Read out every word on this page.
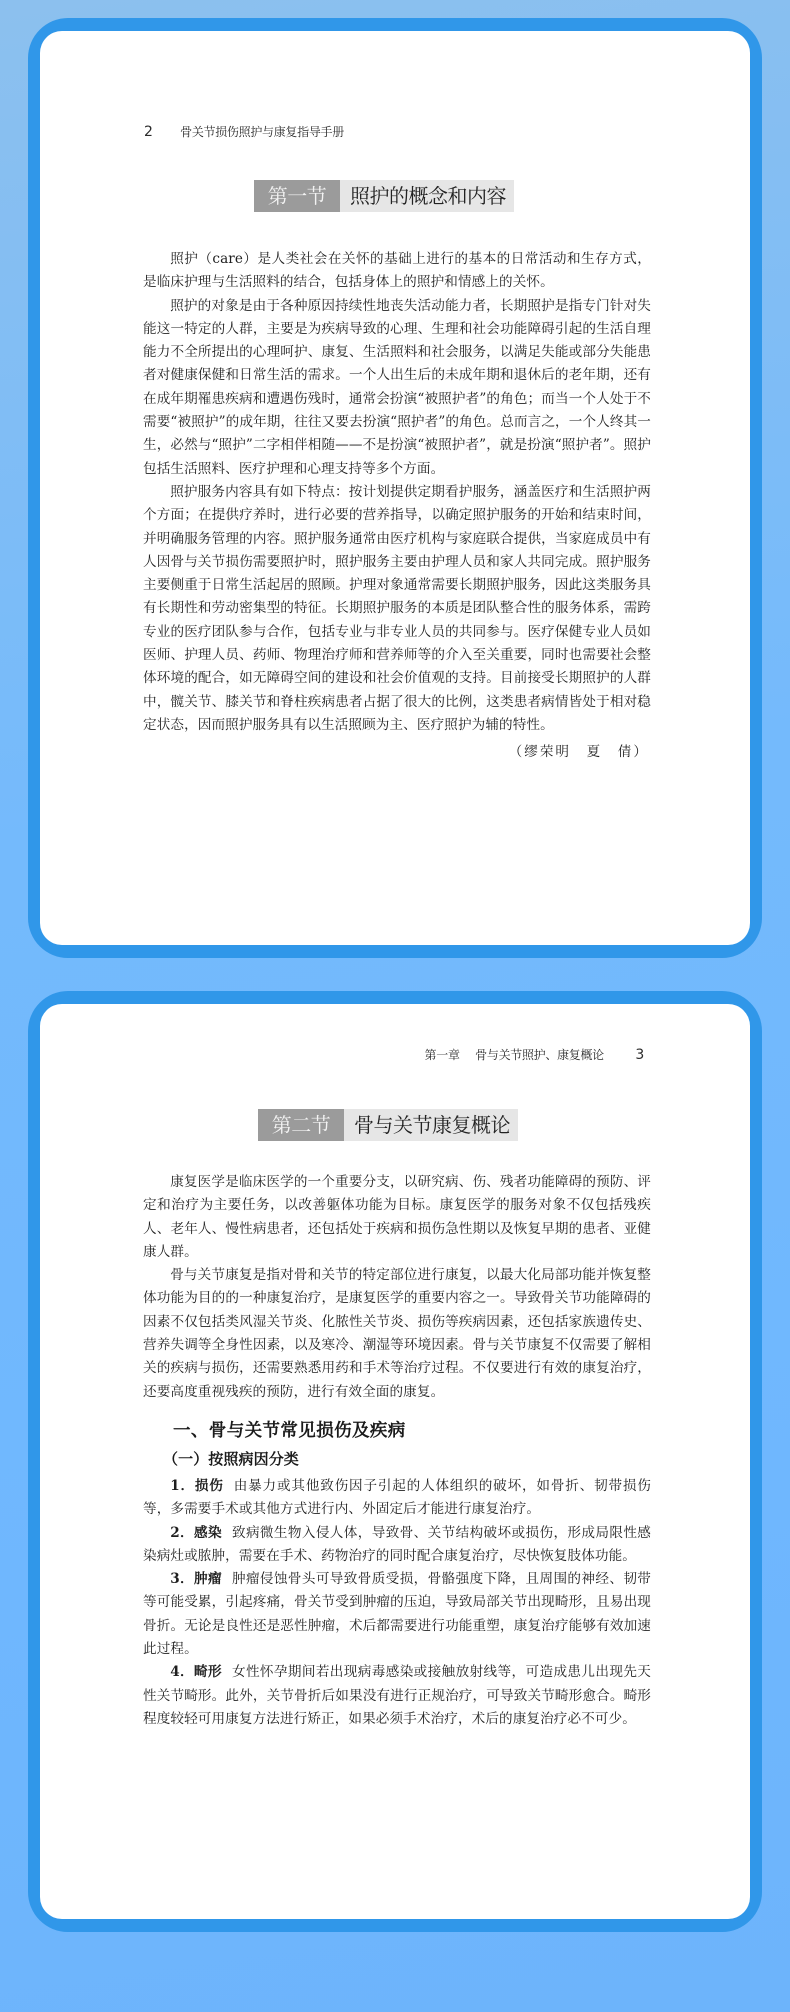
2 骨关节损伤照护与康复指导手册
第一节	照护的概念和内容

照护（care）是人类社会在关怀的基础上进行的基本的日常活动和生存方式，是临床护理与生活照料的结合，包括身体上的照护和情感上的关怀。

照护的对象是由于各种原因持续性地丧失活动能力者，长期照护是指专门针对失能这一特定的人群，主要是为疾病导致的心理、生理和社会功能障碍引起的生活自理能力不全所提出的心理呵护、康复、生活照料和社会服务，以满足失能或部分失能患者对健康保健和日常生活的需求。一个人出生后的未成年期和退休后的老年期，还有在成年期罹患疾病和遭遇伤残时，通常会扮演“被照护者”的角色；而当一个人处于不需要“被照护”的成年期，往往又要去扮演“照护者”的角色。总而言之，一个人终其一生，必然与“照护”二字相伴相随——不是扮演“被照护者”，就是扮演“照护者”。照护包括生活照料、医疗护理和心理支持等多个方面。

照护服务内容具有如下特点：按计划提供定期看护服务，涵盖医疗和生活照护两个方面；在提供疗养时，进行必要的营养指导，以确定照护服务的开始和结束时间，并明确服务管理的内容。照护服务通常由医疗机构与家庭联合提供，当家庭成员中有人因骨与关节损伤需要照护时，照护服务主要由护理人员和家人共同完成。照护服务主要侧重于日常生活起居的照顾。护理对象通常需要长期照护服务，因此这类服务具有长期性和劳动密集型的特征。长期照护服务的本质是团队整合性的服务体系，需跨专业的医疗团队参与合作，包括专业与非专业人员的共同参与。医疗保健专业人员如医师、护理人员、药师、物理治疗师和营养师等的介入至关重要，同时也需要社会整体环境的配合，如无障碍空间的建设和社会价值观的支持。目前接受长期照护的人群中，髋关节、膝关节和脊柱疾病患者占据了很大的比例，这类患者病情皆处于相对稳定状态，因而照护服务具有以生活照顾为主、医疗照护为辅的特性。

（缪荣明　夏　倩）

第一章 骨与关节照护、康复概论 3
第二节	骨与关节康复概论

康复医学是临床医学的一个重要分支，以研究病、伤、残者功能障碍的预防、评定和治疗为主要任务，以改善躯体功能为目标。康复医学的服务对象不仅包括残疾人、老年人、慢性病患者，还包括处于疾病和损伤急性期以及恢复早期的患者、亚健康人群。

骨与关节康复是指对骨和关节的特定部位进行康复，以最大化局部功能并恢复整体功能为目的的一种康复治疗，是康复医学的重要内容之一。导致骨关节功能障碍的因素不仅包括类风湿关节炎、化脓性关节炎、损伤等疾病因素，还包括家族遗传史、营养失调等全身性因素，以及寒冷、潮湿等环境因素。骨与关节康复不仅需要了解相关的疾病与损伤，还需要熟悉用药和手术等治疗过程。不仅要进行有效的康复治疗，还要高度重视残疾的预防，进行有效全面的康复。

一、骨与关节常见损伤及疾病
（一）按照病因分类

1．损伤 由暴力或其他致伤因子引起的人体组织的破坏，如骨折、韧带损伤等，多需要手术或其他方式进行内、外固定后才能进行康复治疗。

2．感染 致病微生物入侵人体，导致骨、关节结构破坏或损伤，形成局限性感染病灶或脓肿，需要在手术、药物治疗的同时配合康复治疗，尽快恢复肢体功能。

3．肿瘤 肿瘤侵蚀骨头可导致骨质受损，骨骼强度下降，且周围的神经、韧带等可能受累，引起疼痛，骨关节受到肿瘤的压迫，导致局部关节出现畸形，且易出现骨折。无论是良性还是恶性肿瘤，术后都需要进行功能重塑，康复治疗能够有效加速此过程。

4．畸形 女性怀孕期间若出现病毒感染或接触放射线等，可造成患儿出现先天性关节畸形。此外，关节骨折后如果没有进行正规治疗，可导致关节畸形愈合。畸形程度较轻可用康复方法进行矫正，如果必须手术治疗，术后的康复治疗必不可少。
